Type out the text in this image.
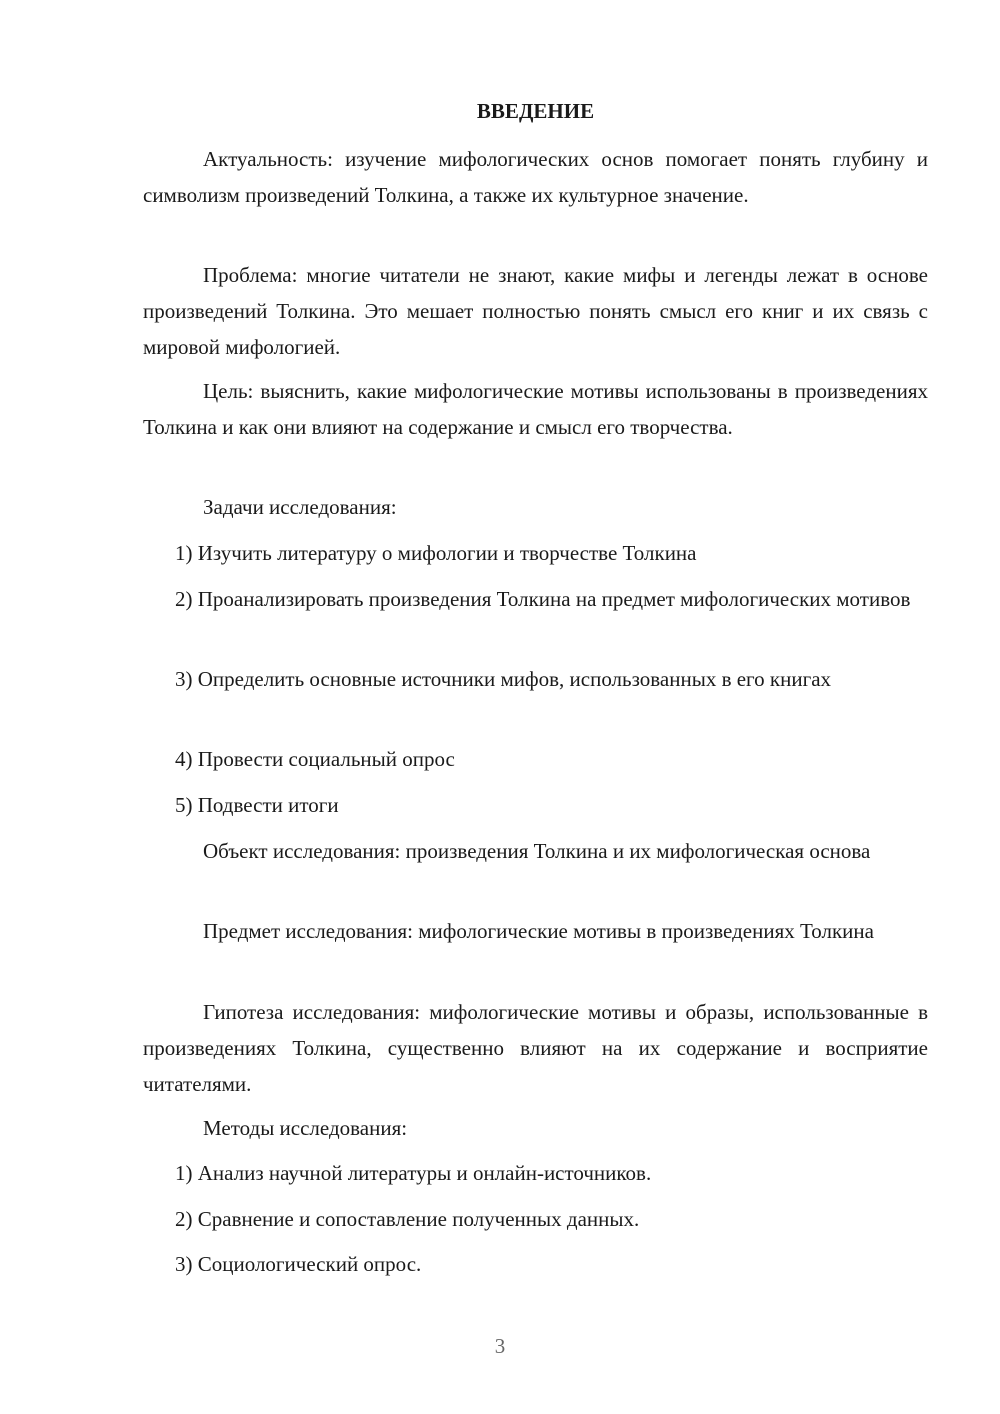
ВВЕДЕНИЕ

Актуальность: изучение мифологических основ помогает понять глубину и символизм произведений Толкина, а также их культурное значение.

Проблема: многие читатели не знают, какие мифы и легенды лежат в основе произведений Толкина. Это мешает полностью понять смысл его книг и их связь с мировой мифологией.

Цель: выяснить, какие мифологические мотивы использованы в произведениях Толкина и как они влияют на содержание и смысл его творчества.

Задачи исследования:

1) Изучить литературу о мифологии и творчестве Толкина

2) Проанализировать произведения Толкина на предмет мифологических мотивов

3) Определить основные источники мифов, использованных в его книгах

4) Провести социальный опрос

5) Подвести итоги

Объект исследования: произведения Толкина и их мифологическая основа

Предмет исследования: мифологические мотивы в произведениях Толкина

Гипотеза исследования: мифологические мотивы и образы, использованные в произведениях Толкина, существенно влияют на их содержание и восприятие читателями.

Методы исследования:

1) Анализ научной литературы и онлайн-источников.

2) Сравнение и сопоставление полученных данных.

3) Социологический опрос.

3
